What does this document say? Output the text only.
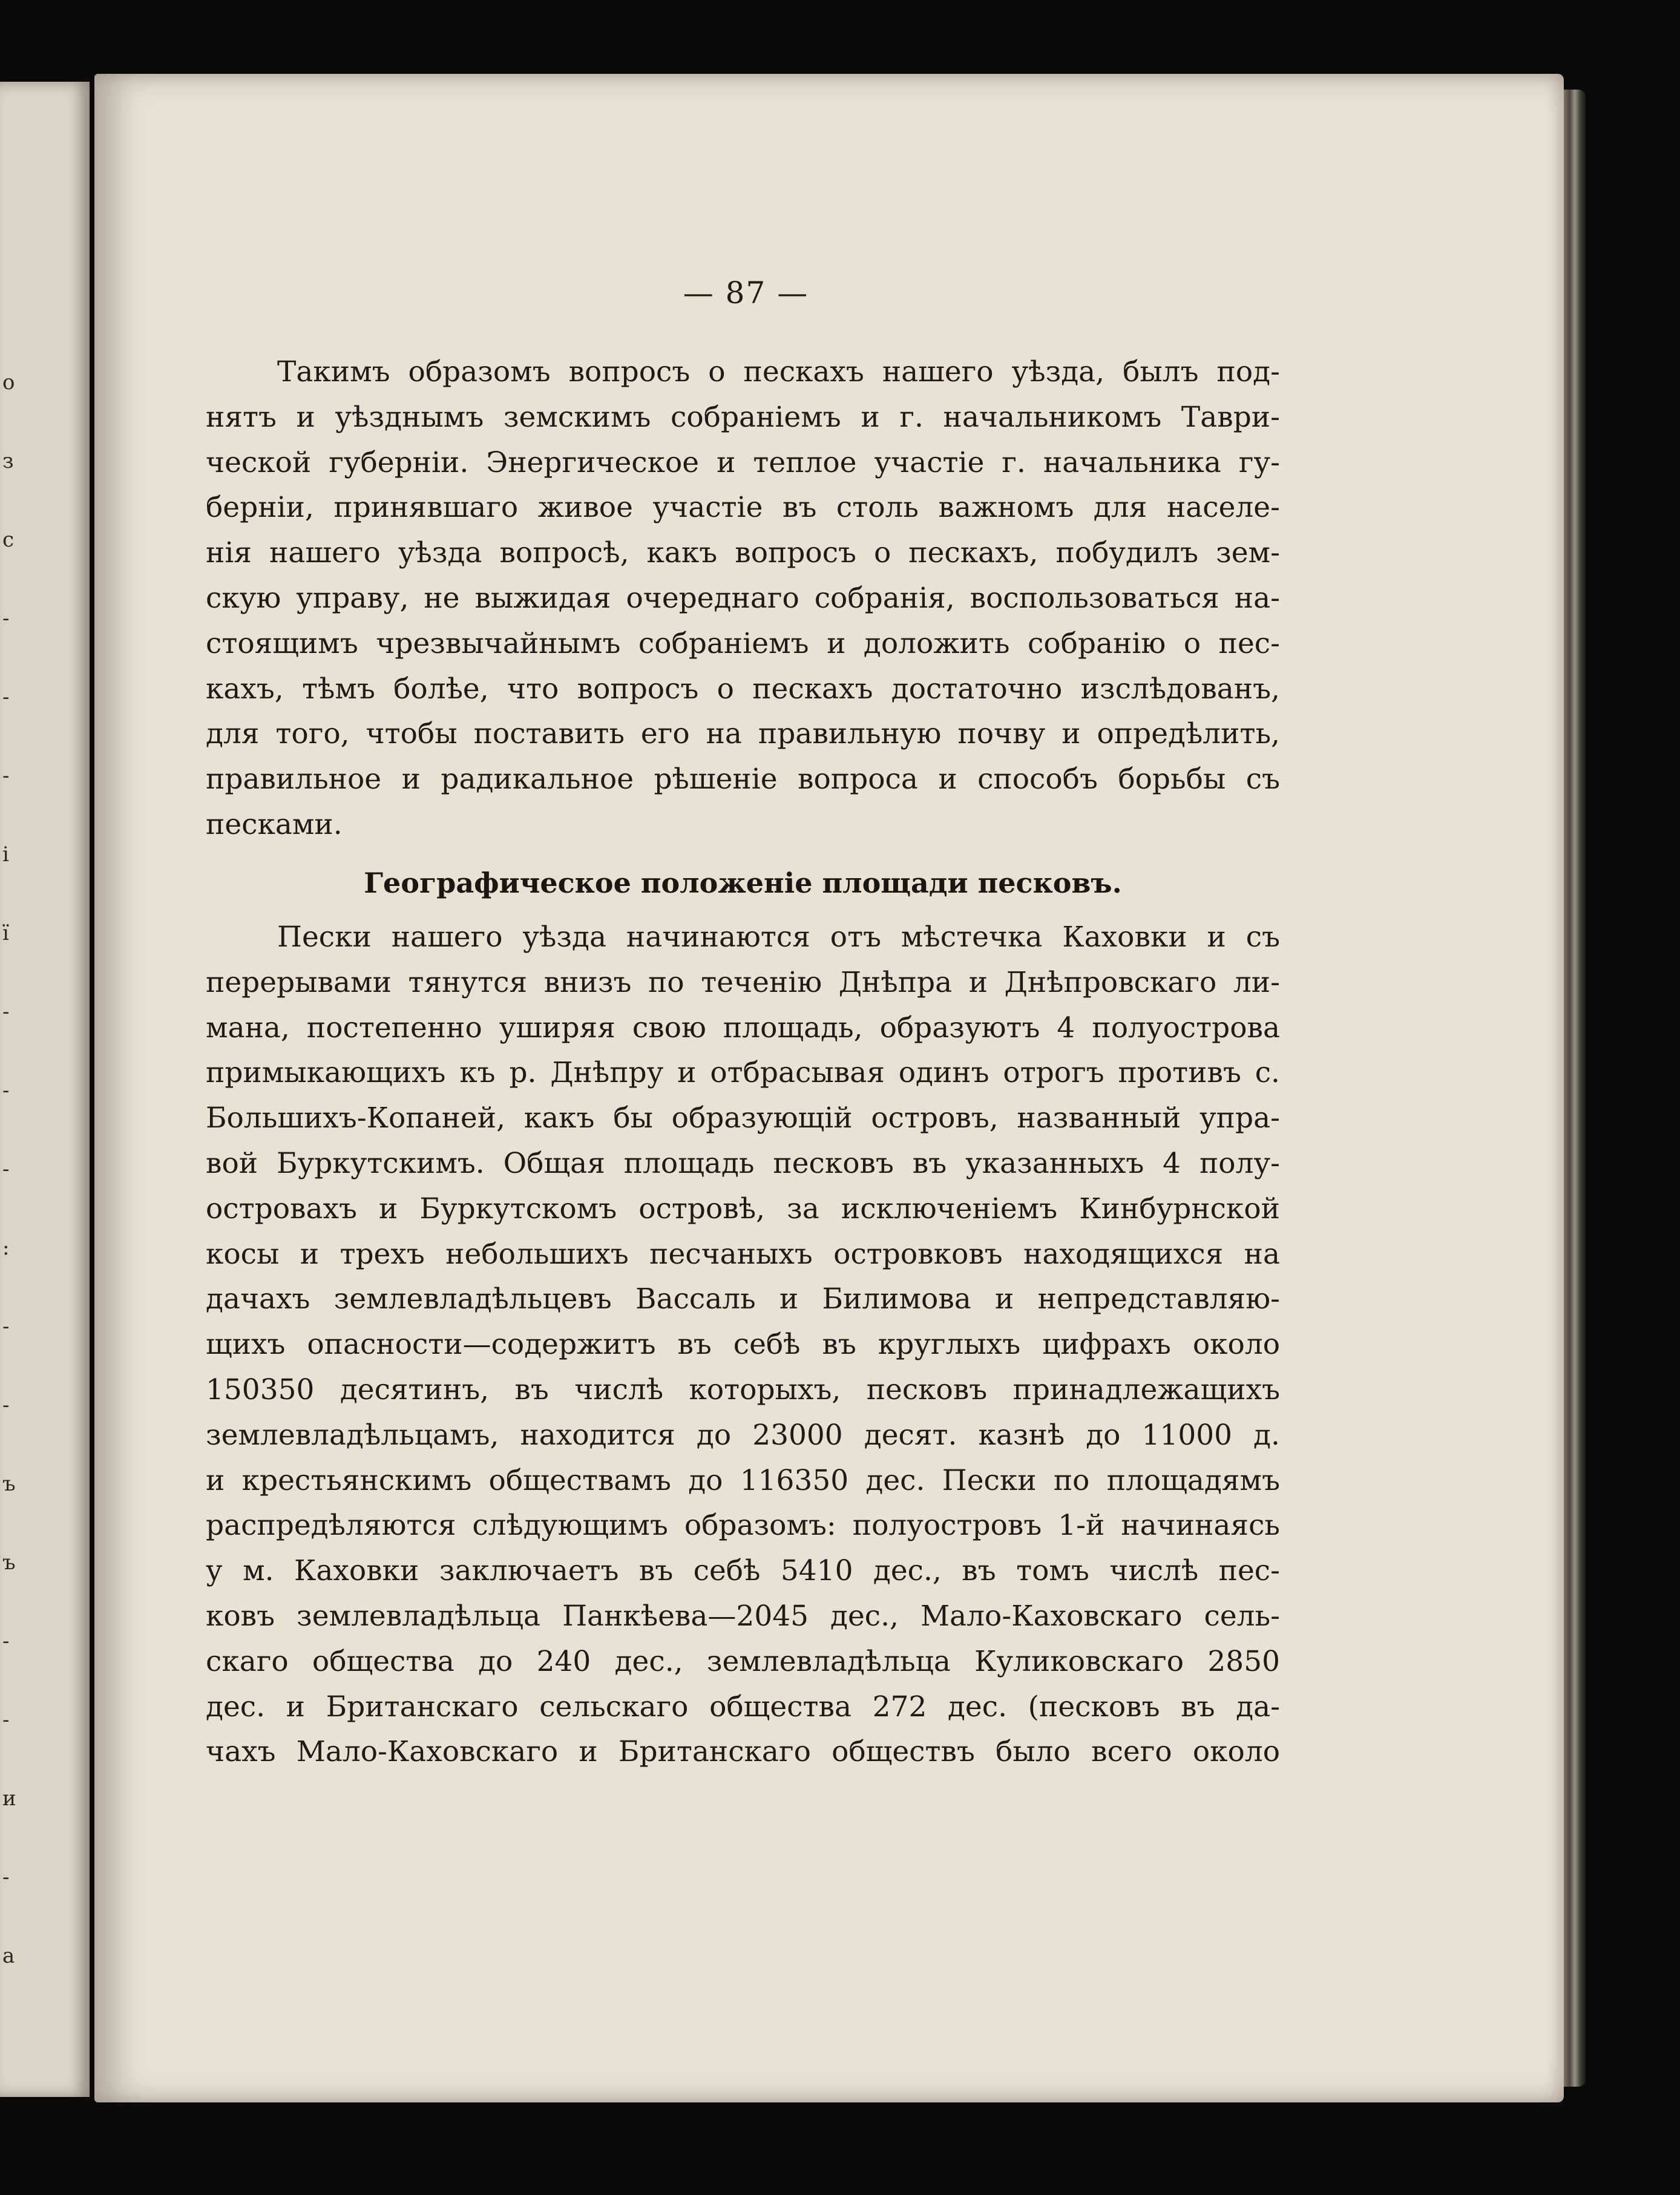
о
з
с
-
-
-
і
ї
-
-
-
:
-
-
ъ
ъ
-
-
и
-
а
— 87 —
Такимъ образомъ вопросъ о пескахъ нашего уѣзда, былъ под-
нятъ и уѣзднымъ земскимъ собраніемъ и г. начальникомъ Таври-
ческой губерніи. Энергическое и теплое участіе г. начальника гу-
берніи, принявшаго живое участіе въ столь важномъ для населе-
нія нашего уѣзда вопросѣ, какъ вопросъ о пескахъ, побудилъ зем-
скую управу, не выжидая очереднаго собранія, воспользоваться на-
стоящимъ чрезвычайнымъ собраніемъ и доложить собранію о пес-
кахъ, тѣмъ болѣе, что вопросъ о пескахъ достаточно изслѣдованъ,
для того, чтобы поставить его на правильную почву и опредѣлить,
правильное и радикальное рѣшеніе вопроса и способъ борьбы съ
песками.
Географическое положеніе площади песковъ.
Пески нашего уѣзда начинаются отъ мѣстечка Каховки и съ
перерывами тянутся внизъ по теченію Днѣпра и Днѣпровскаго ли-
мана, постепенно уширяя свою площадь, образуютъ 4 полуострова
примыкающихъ къ р. Днѣпру и отбрасывая одинъ отрогъ противъ с.
Большихъ-Копаней, какъ бы образующій островъ, названный упра-
вой Буркутскимъ. Общая площадь песковъ въ указанныхъ 4 полу-
островахъ и Буркутскомъ островѣ, за исключеніемъ Кинбурнской
косы и трехъ небольшихъ песчаныхъ островковъ находящихся на
дачахъ землевладѣльцевъ Вассаль и Билимова и непредставляю-
щихъ опасности—содержитъ въ себѣ въ круглыхъ цифрахъ около
150350 десятинъ, въ числѣ которыхъ, песковъ принадлежащихъ
землевладѣльцамъ, находится до 23000 десят. казнѣ до 11000 д.
и крестьянскимъ обществамъ до 116350 дес. Пески по площадямъ
распредѣляются слѣдующимъ образомъ: полуостровъ 1-й начинаясь
у м. Каховки заключаетъ въ себѣ 5410 дес., въ томъ числѣ пес-
ковъ землевладѣльца Панкѣева—2045 дес., Мало-Каховскаго сель-
скаго общества до 240 дес., землевладѣльца Куликовскаго 2850
дес. и Британскаго сельскаго общества 272 дес. (песковъ въ да-
чахъ Мало-Каховскаго и Британскаго обществъ было всего около
